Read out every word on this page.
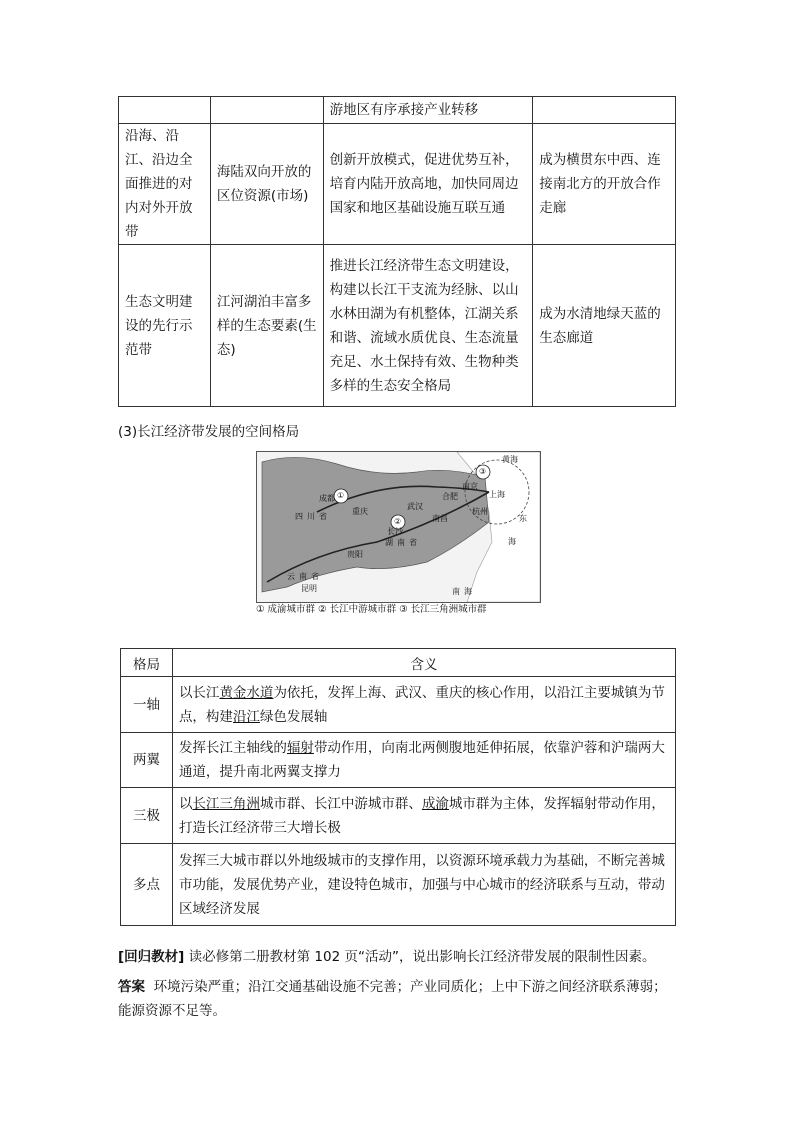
		游地区有序承接产业转移	
沿海、沿江、沿边全面推进的对内对外开放带	海陆双向开放的区位资源(市场)	创新开放模式，促进优势互补，培育内陆开放高地，加快同周边国家和地区基础设施互联互通	成为横贯东中西、连接南北方的开放合作走廊
生态文明建设的先行示范带	江河湖泊丰富多样的生态要素(生态)	推进长江经济带生态文明建设，构建以长江干支流为经脉、以山水林田湖为有机整体，江湖关系和谐、流域水质优良、生态流量充足、水土保持有效、生物种类多样的生态安全格局	成为水清地绿天蓝的生态廊道
(3)长江经济带发展的空间格局
①
②
③
黄海
东
海
南 海
四 川 省
云 南 省
湖 南 省
重庆
成都
长沙
南昌
昆明
上海
杭州
武汉
合肥
南京
贵阳
① 成渝城市群 ② 长江中游城市群 ③ 长江三角洲城市群
格局	含义
一轴	以长江黄金水道为依托，发挥上海、武汉、重庆的核心作用，以沿江主要城镇为节点，构建沿江绿色发展轴
两翼	发挥长江主轴线的辐射带动作用，向南北两侧腹地延伸拓展，依靠沪蓉和沪瑞两大通道，提升南北两翼支撑力
三极	以长江三角洲城市群、长江中游城市群、成渝城市群为主体，发挥辐射带动作用，打造长江经济带三大增长极
多点	发挥三大城市群以外地级城市的支撑作用，以资源环境承载力为基础，不断完善城市功能，发展优势产业，建设特色城市，加强与中心城市的经济联系与互动，带动区域经济发展
[回归教材] 读必修第二册教材第 102 页“活动”，说出影响长江经济带发展的限制性因素。
答案 环境污染严重；沿江交通基础设施不完善；产业同质化；上中下游之间经济联系薄弱；能源资源不足等。
